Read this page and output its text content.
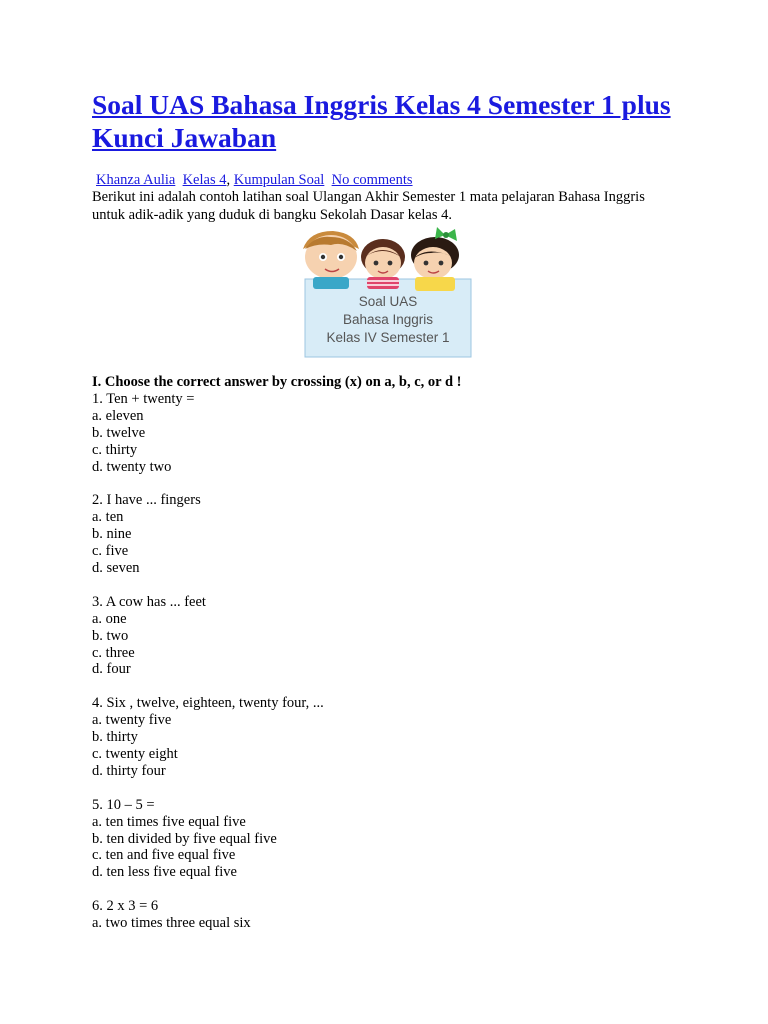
Soal UAS Bahasa Inggris Kelas 4 Semester 1 plus Kunci Jawaban
Khanza Aulia Kelas 4, Kumpulan Soal No comments

Berikut ini adalah contoh latihan soal Ulangan Akhir Semester 1 mata pelajaran Bahasa Inggris untuk adik-adik yang duduk di bangku Sekolah Dasar kelas 4.

Soal UAS
Bahasa Inggris
Kelas IV Semester 1

I. Choose the correct answer by crossing (x) on a, b, c, or d !

1. Ten + twenty =
a. eleven
b. twelve
c. thirty
d. twenty two
2. I have ... fingers
a. ten
b. nine
c. five
d. seven
3. A cow has ... feet
a. one
b. two
c. three
d. four
4. Six , twelve, eighteen, twenty four, ...
a. twenty five
b. thirty
c. twenty eight
d. thirty four
5. 10 – 5 =
a. ten times five equal five
b. ten divided by five equal five
c. ten and five equal five
d. ten less five equal five
6. 2 x 3 = 6
a. two times three equal six
